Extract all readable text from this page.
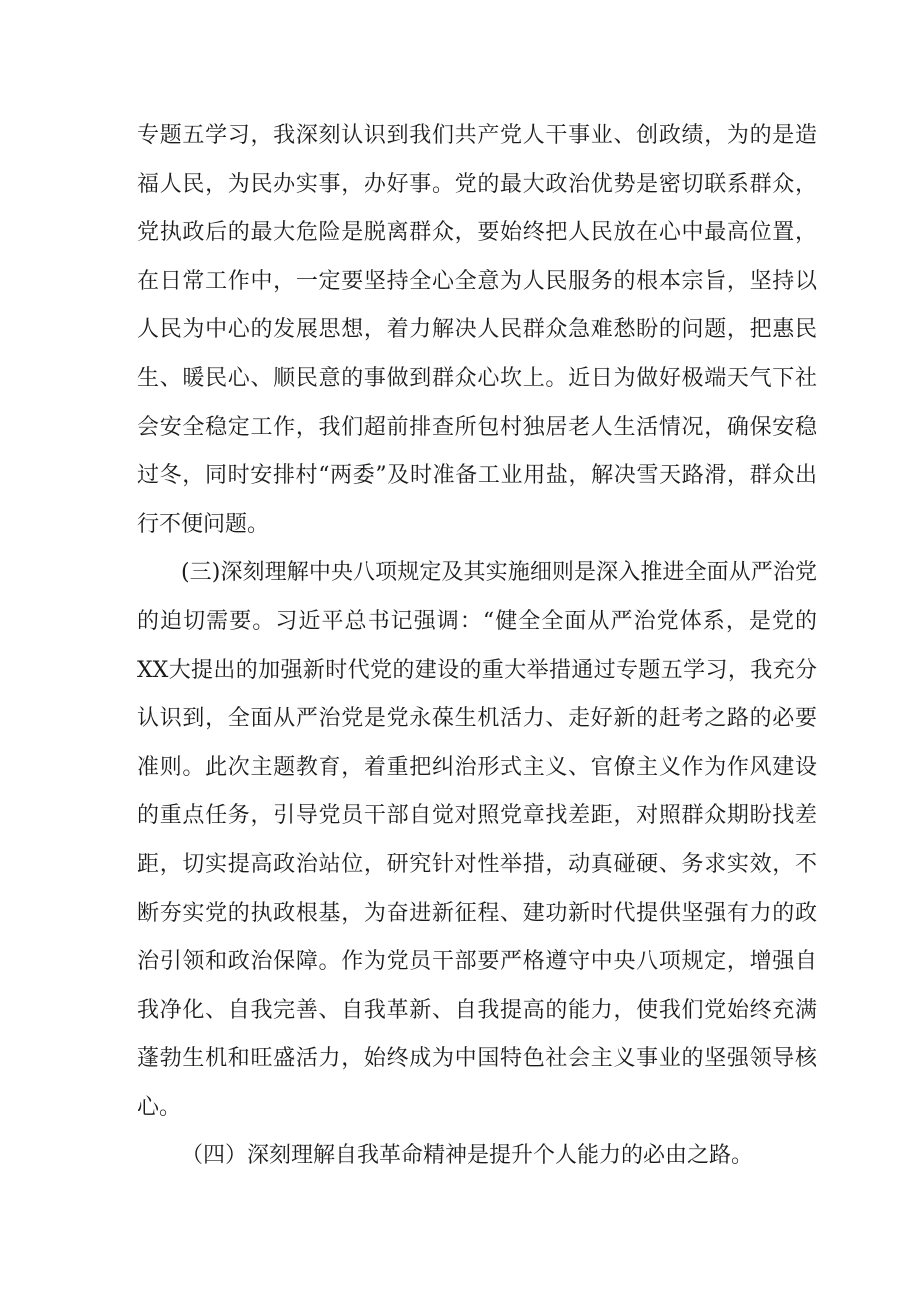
专题五学习，我深刻认识到我们共产党人干事业、创政绩，为的是造福人民，为民办实事，办好事。党的最大政治优势是密切联系群众，党执政后的最大危险是脱离群众，要始终把人民放在心中最高位置，在日常工作中，一定要坚持全心全意为人民服务的根本宗旨，坚持以人民为中心的发展思想，着力解决人民群众急难愁盼的问题，把惠民生、暖民心、顺民意的事做到群众心坎上。近日为做好极端天气下社会安全稳定工作，我们超前排查所包村独居老人生活情况，确保安稳过冬，同时安排村“两委”及时准备工业用盐，解决雪天路滑，群众出行不便问题。

(三)深刻理解中央八项规定及其实施细则是深入推进全面从严治党的迫切需要。习近平总书记强调：“健全全面从严治党体系，是党的XX大提出的加强新时代党的建设的重大举措通过专题五学习，我充分认识到，全面从严治党是党永葆生机活力、走好新的赶考之路的必要准则。此次主题教育，着重把纠治形式主义、官僚主义作为作风建设的重点任务，引导党员干部自觉对照党章找差距，对照群众期盼找差距，切实提高政治站位，研究针对性举措，动真碰硬、务求实效，不断夯实党的执政根基，为奋进新征程、建功新时代提供坚强有力的政治引领和政治保障。作为党员干部要严格遵守中央八项规定，增强自我净化、自我完善、自我革新、自我提高的能力，使我们党始终充满蓬勃生机和旺盛活力，始终成为中国特色社会主义事业的坚强领导核心。

（四）深刻理解自我革命精神是提升个人能力的必由之路。
